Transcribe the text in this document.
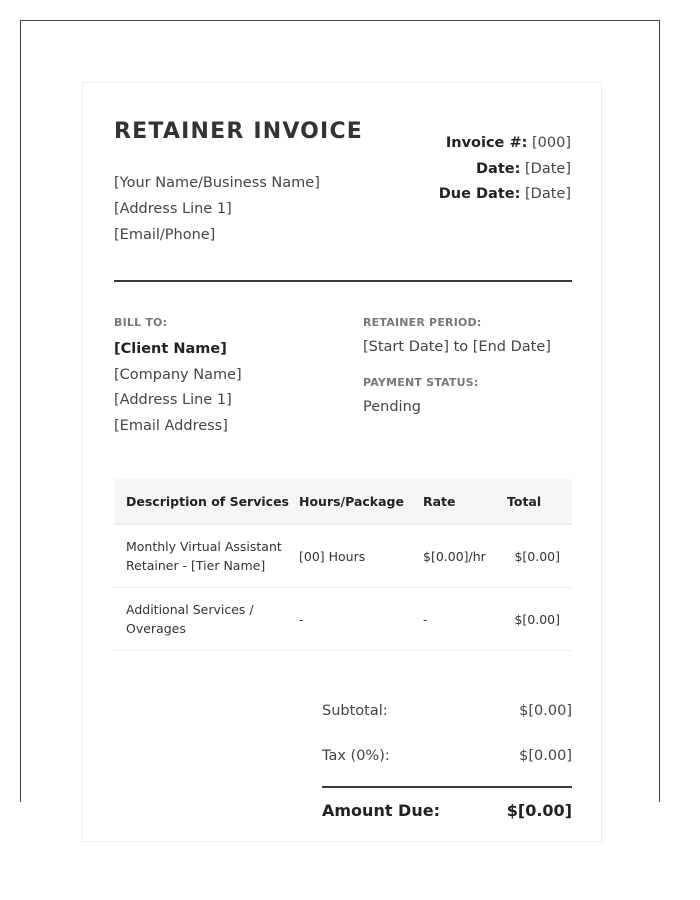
RETAINER INVOICE
[Your Name/Business Name]
[Address Line 1]
[Email/Phone]
Invoice #: [000]
Date: [Date]
Due Date: [Date]
BILL TO:
[Client Name]
[Company Name]
[Address Line 1]
[Email Address]
RETAINER PERIOD:
[Start Date] to [End Date]
PAYMENT STATUS:
Pending
Description of Services	Hours/Package	Rate	Total

Monthly Virtual Assistant
Retainer - [Tier Name]	[00] Hours	$[0.00]/hr	$[0.00]

Additional Services /
Overages	-	-	$[0.00]
Subtotal:	$[0.00]
Tax (0%):	$[0.00]
Amount Due:	$[0.00]
